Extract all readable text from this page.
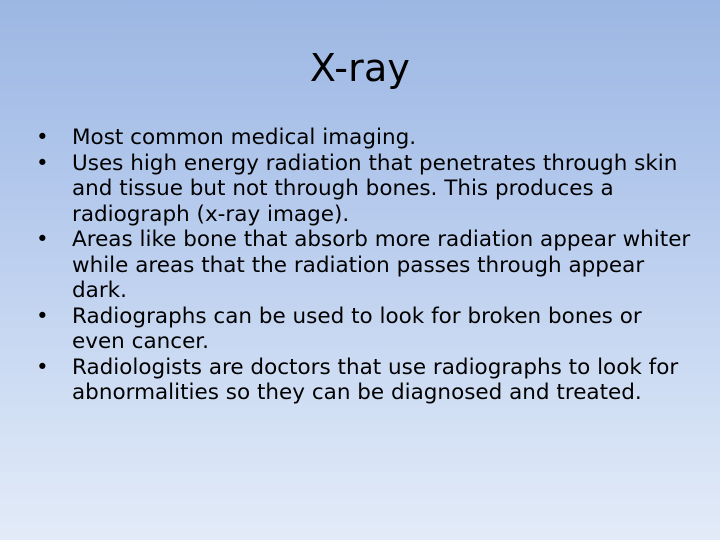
X-ray
•	Most common medical imaging.
•	Uses high energy radiation that penetrates through skin and tissue but not through bones. This produces a radiograph (x-ray image).
•	Areas like bone that absorb more radiation appear whiter while areas that the radiation passes through appear dark.
•	Radiographs can be used to look for broken bones or even cancer.
•	Radiologists are doctors that use radiographs to look for abnormalities so they can be diagnosed and treated.
